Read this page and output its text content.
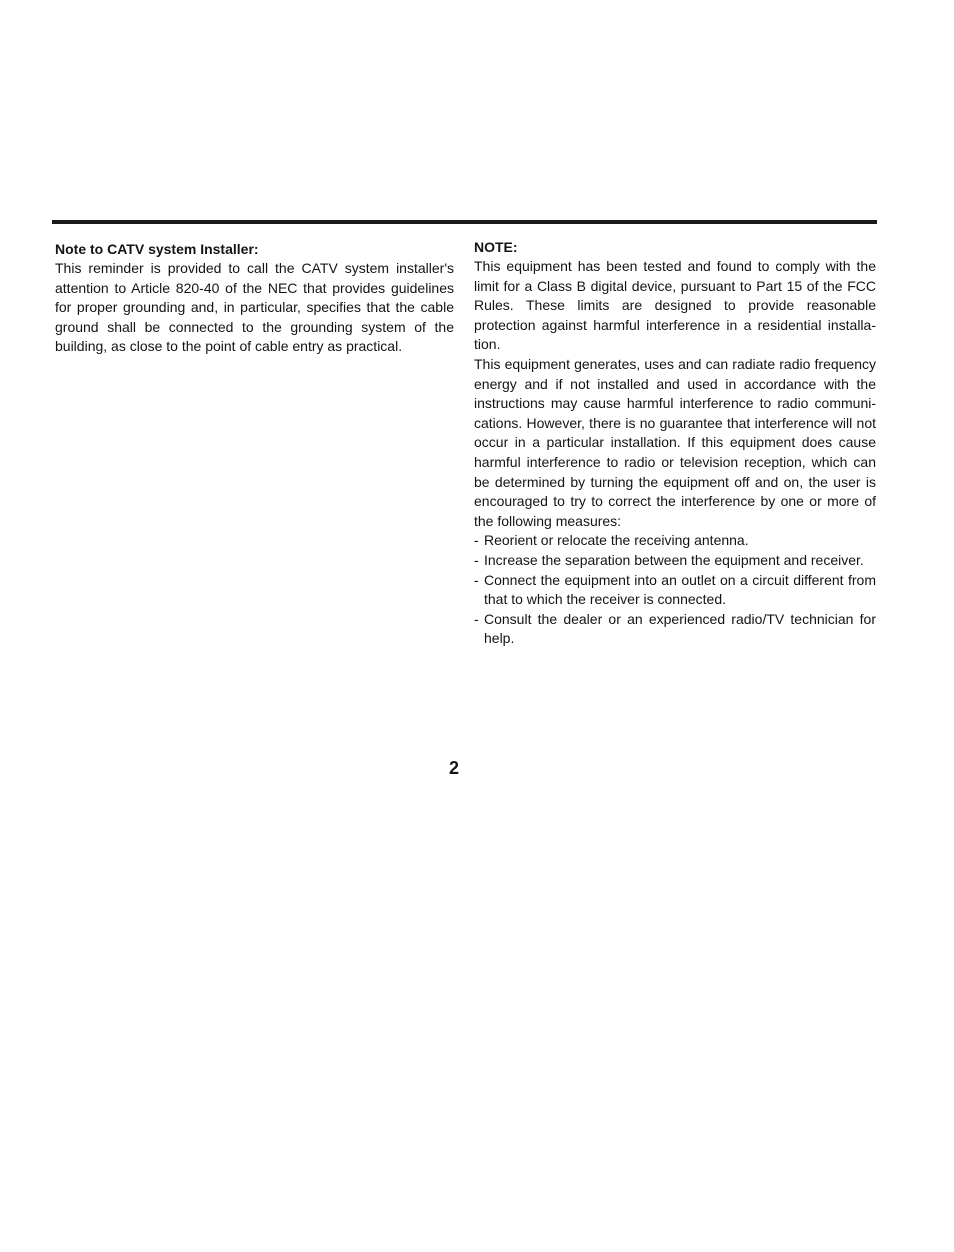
Note to CATV system Installer:

This reminder is provided to call the CATV system installer's attention to Article 820-40 of the NEC that provides guidelines for proper grounding and, in particular, specifies that the cable ground shall be connected to the grounding system of the building, as close to the point of cable entry as practical.

NOTE:

This equipment has been tested and found to comply with the limit for a Class B digital device, pursuant to Part 15 of the FCC Rules. These limits are designed to provide reasonable protection against harmful interference in a residential installa-tion.

This equipment generates, uses and can radiate radio frequency energy and if not installed and used in accordance with the instructions may cause harmful interference to radio communi-cations. However, there is no guarantee that interference will not occur in a particular installation. If this equipment does cause harmful interference to radio or television reception, which can be determined by turning the equipment off and on, the user is encouraged to try to correct the interference by one or more of the following measures:

- Reorient or relocate the receiving antenna.
- Increase the separation between the equipment and receiver.
- Connect the equipment into an outlet on a circuit different from that to which the receiver is connected.
- Consult the dealer or an experienced radio/TV technician for help.
2
